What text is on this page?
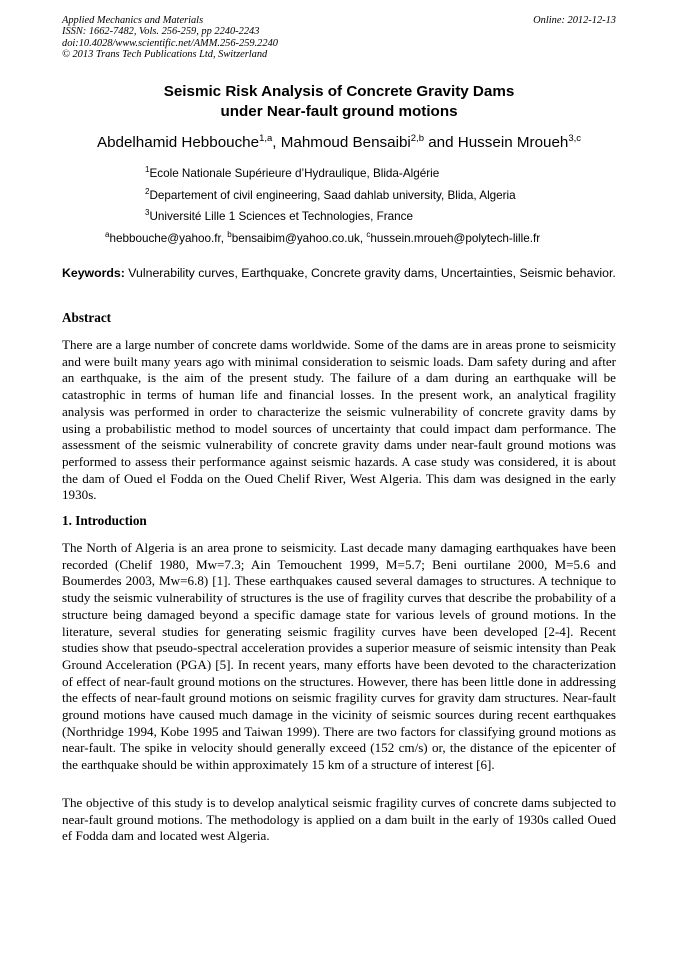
Applied Mechanics and Materials
ISSN: 1662-7482, Vols. 256-259, pp 2240-2243
doi:10.4028/www.scientific.net/AMM.256-259.2240
© 2013 Trans Tech Publications Ltd, Switzerland
Online: 2012-12-13
Seismic Risk Analysis of Concrete Gravity Dams
under Near-fault ground motions
Abdelhamid Hebbouche$^{1,a}$, Mahmoud Bensaibi$^{2,b}$ and Hussein Mroueh$^{3,c}$
$^1$Ecole Nationale Supérieure d’Hydraulique, Blida-Algérie
$^2$Departement of civil engineering, Saad dahlab university, Blida, Algeria
$^3$Université Lille 1 Sciences et Technologies, France
$^a$hebbouche@yahoo.fr, $^b$bensaibim@yahoo.co.uk, $^c$hussein.mroueh@polytech-lille.fr
Keywords: Vulnerability curves, Earthquake, Concrete gravity dams, Uncertainties, Seismic behavior.
Abstract

There are a large number of concrete dams worldwide. Some of the dams are in areas prone to seismicity and were built many years ago with minimal consideration to seismic loads. Dam safety during and after an earthquake, is the aim of the present study. The failure of a dam during an earthquake will be catastrophic in terms of human life and financial losses. In the present work, an analytical fragility analysis was performed in order to characterize the seismic vulnerability of concrete gravity dams by using a probabilistic method to model sources of uncertainty that could impact dam performance. The assessment of the seismic vulnerability of concrete gravity dams under near-fault ground motions was performed to assess their performance against seismic hazards. A case study was considered, it is about the dam of Oued el Fodda on the Oued Chelif River, West Algeria. This dam was designed in the early 1930s.

1. Introduction

The North of Algeria is an area prone to seismicity. Last decade many damaging earthquakes have been recorded (Chelif 1980, Mw=7.3; Ain Temouchent 1999, M=5.7; Beni ourtilane 2000, M=5.6 and Boumerdes 2003, Mw=6.8) [1]. These earthquakes caused several damages to structures. A technique to study the seismic vulnerability of structures is the use of fragility curves that describe the probability of a structure being damaged beyond a specific damage state for various levels of ground motions. In the literature, several studies for generating seismic fragility curves have been developed [2-4]. Recent studies show that pseudo-spectral acceleration provides a superior measure of seismic intensity than Peak Ground Acceleration (PGA) [5]. In recent years, many efforts have been devoted to the characterization of effect of near-fault ground motions on the structures. However, there has been little done in addressing the effects of near-fault ground motions on seismic fragility curves for gravity dam structures. Near-fault ground motions have caused much damage in the vicinity of seismic sources during recent earthquakes (Northridge 1994, Kobe 1995 and Taiwan 1999). There are two factors for classifying ground motions as near-fault. The spike in velocity should generally exceed (152 cm/s) or, the distance of the epicenter of the earthquake should be within approximately 15 km of a structure of interest [6].

The objective of this study is to develop analytical seismic fragility curves of concrete dams subjected to near-fault ground motions. The methodology is applied on a dam built in the early of 1930s called Oued ef Fodda dam and located west Algeria.
